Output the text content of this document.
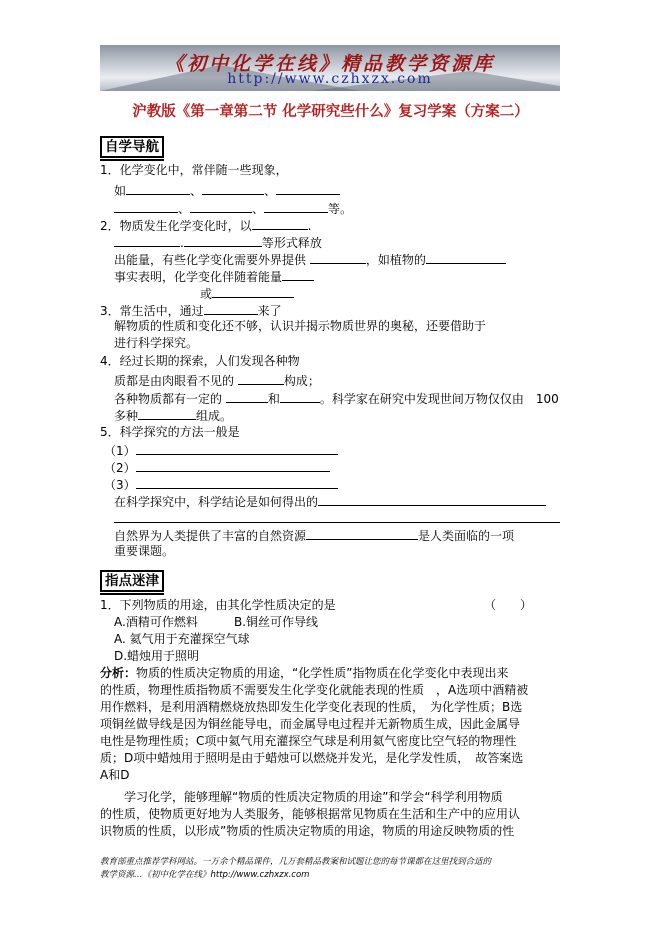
《初中化学在线》精品教学资源库
http://www.czhxzx.com
沪教版《第一章第二节 化学研究些什么》复习学案（方案二）
自学导航
1．化学变化中，常伴随一些现象，
如	、	、
、	、	等。
2．物质发生化学变化时，以	.
.	等形式释放
出能量，有些化学变化需要外界提供	，如植物的
事实表明，化学变化伴随着能量
或
3．常生活中，通过	来了
解物质的性质和变化还不够，认识并揭示物质世界的奥秘，还要借助于
进行科学探究。
4．经过长期的探索，人们发现各种物
质都是由肉眼看不见的	构成；
各种物质都有一定的	和	。科学家在研究中发现世间万物仅仅由　 100
多种	组成。
5．科学探究的方法一般是
（1）
（2）
（3）
在科学探究中，科学结论是如何得出的
自然界为人类提供了丰富的自然资源	是人类面临的一项
重要课题。
指点迷津
1．下列物质的用途，由其化学性质决定的是	（　　）
A.酒精可作燃料	B.铜丝可作导线
A. 氦气用于充灌探空气球
D.蜡烛用于照明
分析：物质的性质决定物质的用途，“化学性质”指物质在化学变化中表现出来
的性质，物理性质指物质不需要发生化学变化就能表现的性质　，A选项中酒精被
用作燃料，是利用酒精燃烧放热即发生化学变化表现的性质，　为化学性质；B选
项铜丝做导线是因为铜丝能导电，而金属导电过程并无新物质生成，因此金属导
电性是物理性质；C项中氦气用充灌探空气球是利用氦气密度比空气轻的物理性
质；D项中蜡烛用于照明是由于蜡烛可以燃烧并发光，是化学发性质，　故答案选
A和D
学习化学，能够理解“物质的性质决定物质的用途”和学会“科学利用物质
的性质，使物质更好地为人类服务，能够根据常见物质在生活和生产中的应用认
识物质的性质，以形成”物质的性质决定物质的用途，物质的用途反映物质的性
教育部重点推荐学科网站。一万余个精品课件，几万套精品教案和试题让您的每节课都在这里找到合适的
教学资源…《初中化学在线》http://www.czhxzx.com
